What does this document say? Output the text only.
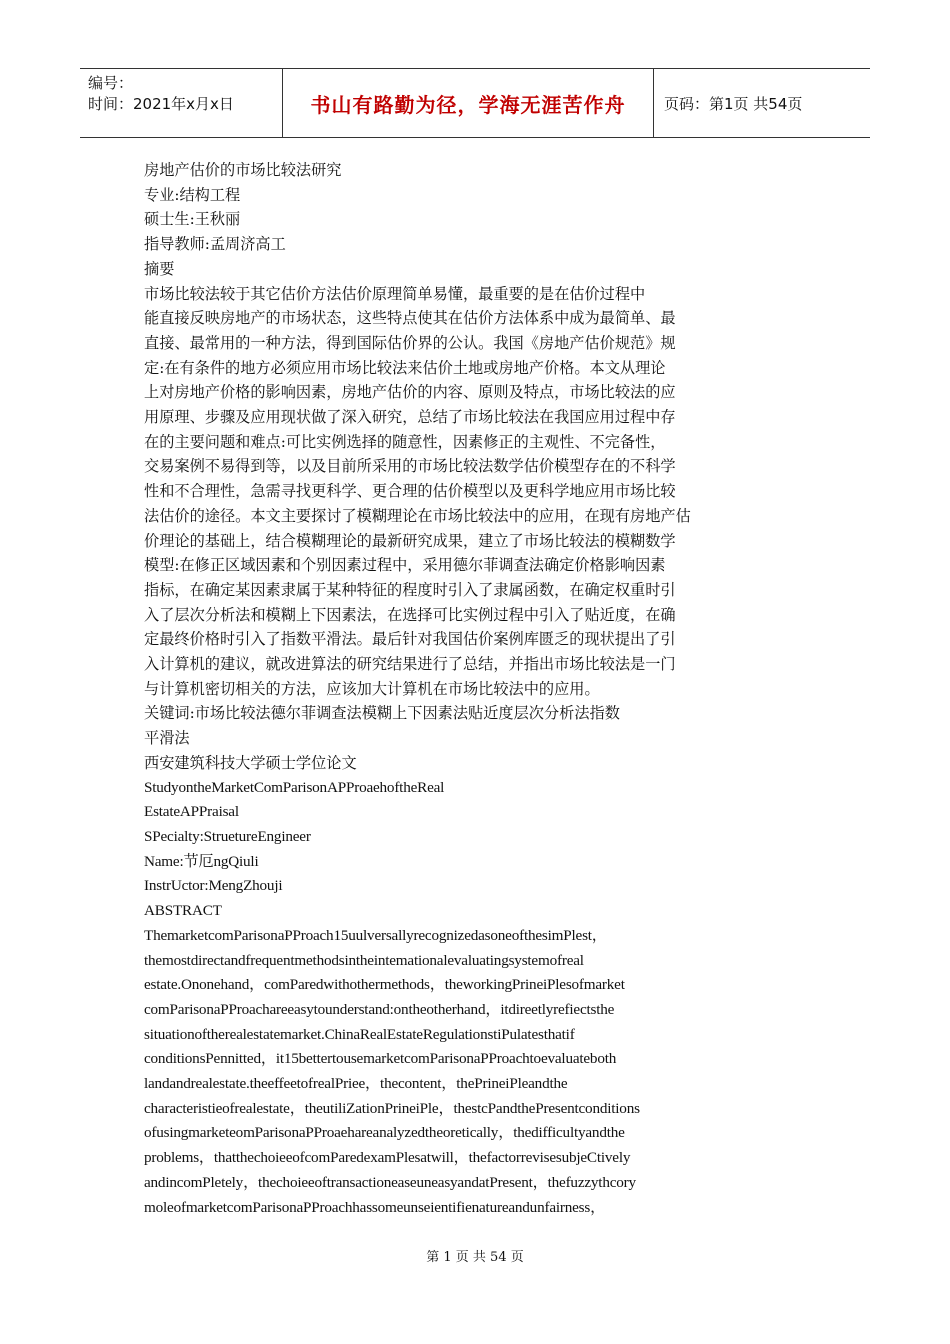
编号：
时间：2021年x月x日	书山有路勤为径，学海无涯苦作舟	页码：第1页 共54页
房地产估价的市场比较法研究
专业:结构工程
硕士生:王秋丽
指导教师:孟周济高工
摘要
市场比较法较于其它估价方法估价原理简单易懂，最重要的是在估价过程中
能直接反映房地产的市场状态，这些特点使其在估价方法体系中成为最简单、最
直接、最常用的一种方法，得到国际估价界的公认。我国《房地产估价规范》规
定:在有条件的地方必须应用市场比较法来估价土地或房地产价格。本文从理论
上对房地产价格的影响因素，房地产估价的内容、原则及特点，市场比较法的应
用原理、步骤及应用现状做了深入研究，总结了市场比较法在我国应用过程中存
在的主要问题和难点:可比实例选择的随意性，因素修正的主观性、不完备性，
交易案例不易得到等，以及目前所采用的市场比较法数学估价模型存在的不科学
性和不合理性，急需寻找更科学、更合理的估价模型以及更科学地应用市场比较
法估价的途径。本文主要探讨了模糊理论在市场比较法中的应用，在现有房地产估
价理论的基础上，结合模糊理论的最新研究成果，建立了市场比较法的模糊数学
模型:在修正区域因素和个别因素过程中，采用德尔菲调查法确定价格影响因素
指标，在确定某因素隶属于某种特征的程度时引入了隶属函数，在确定权重时引
入了层次分析法和模糊上下因素法，在选择可比实例过程中引入了贴近度，在确
定最终价格时引入了指数平滑法。最后针对我国估价案例库匮乏的现状提出了引
入计算机的建议，就改进算法的研究结果进行了总结，并指出市场比较法是一门
与计算机密切相关的方法，应该加大计算机在市场比较法中的应用。
关键词:市场比较法德尔菲调查法模糊上下因素法贴近度层次分析法指数
平滑法
西安建筑科技大学硕士学位论文
StudyontheMarketComParisonAPProaehoftheReal
EstateAPPraisal
SPecialty:StruetureEngineer
Name:节厄ngQiuli
InstrUctor:MengZhouji
ABSTRACT
ThemarketcomParisonaPProach15uulversallyrecognizedasoneofthesimPlest，
themostdirectandfrequentmethodsintheintemationalevaluatingsystemofreal
estate.Ononehand，comParedwithothermethods，theworkingPrineiPlesofmarket
comParisonaPProachareeasytounderstand:ontheotherhand，itdireetlyrefiectsthe
situationoftherealestatemarket.ChinaRealEstateRegulationstiPulatesthatif
conditionsPennitted，it15bettertousemarketcomParisonaPProachtoevaluateboth
landandrealestate.theeffeetofrealPriee，thecontent，thePrineiPleandthe
characteristieofrealestate，theutiliZationPrineiPle，thestcPandthePresentconditions
ofusingmarketeomParisonaPProaehareanalyzedtheoretically，thedifficultyandthe
problems，thatthechoieeofcomParedexamPlesatwill，thefactorrevisesubjeCtively
andincomPletely，thechoieeoftransactioneaseuneasyandatPresent，thefuzzythcory
moleofmarketcomParisonaPProachhassomeunseientifienatureandunfairness，
第 1 页 共 54 页
